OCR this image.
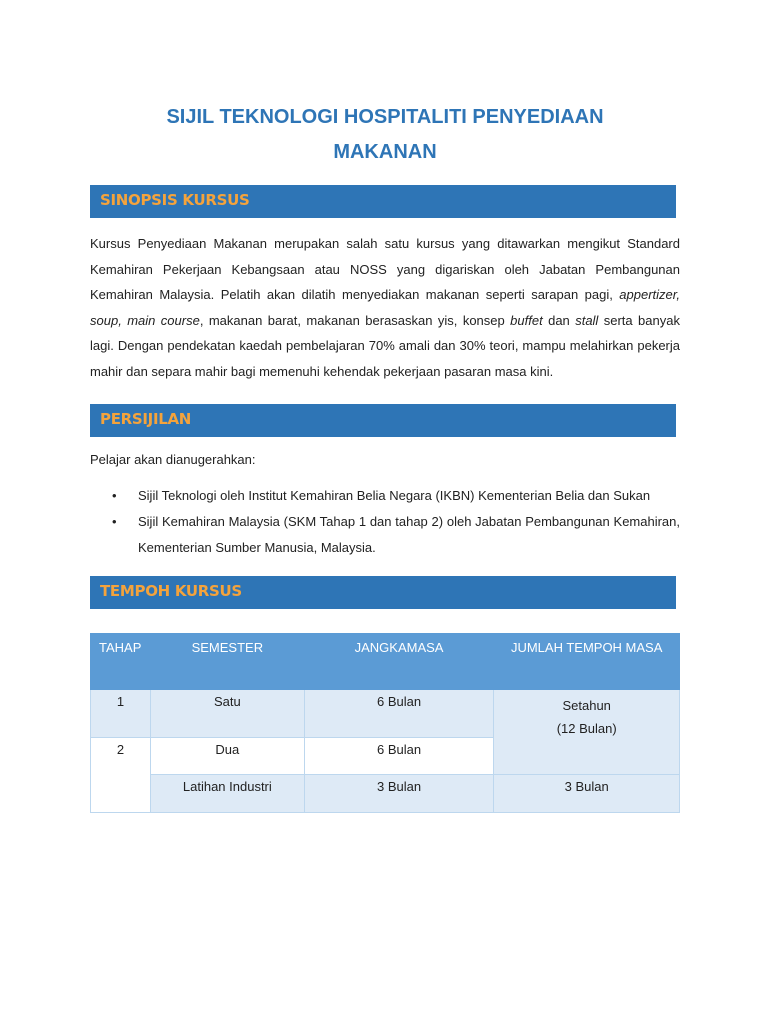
SIJIL TEKNOLOGI HOSPITALITI PENYEDIAAN
MAKANAN
SINOPSIS KURSUS
Kursus Penyediaan Makanan merupakan salah satu kursus yang ditawarkan mengikut Standard Kemahiran Pekerjaan Kebangsaan atau NOSS yang digariskan oleh Jabatan Pembangunan Kemahiran Malaysia. Pelatih akan dilatih menyediakan makanan seperti sarapan pagi, appertizer, soup, main course, makanan barat, makanan berasaskan yis, konsep buffet dan stall serta banyak lagi. Dengan pendekatan kaedah pembelajaran 70% amali dan 30% teori, mampu melahirkan pekerja mahir dan separa mahir bagi memenuhi kehendak pekerjaan pasaran masa kini.
PERSIJILAN
Pelajar akan dianugerahkan:
• Sijil Teknologi oleh Institut Kemahiran Belia Negara (IKBN) Kementerian Belia dan Sukan
• Sijil Kemahiran Malaysia (SKM Tahap 1 dan tahap 2) oleh Jabatan Pembangunan Kemahiran, Kementerian Sumber Manusia, Malaysia.
TEMPOH KURSUS
TAHAP	SEMESTER	JANGKAMASA	JUMLAH TEMPOH MASA
1	Satu	6 Bulan	Setahun
(12 Bulan)

2	Dua	6 Bulan	
	Latihan Industri	3 Bulan	3 Bulan
